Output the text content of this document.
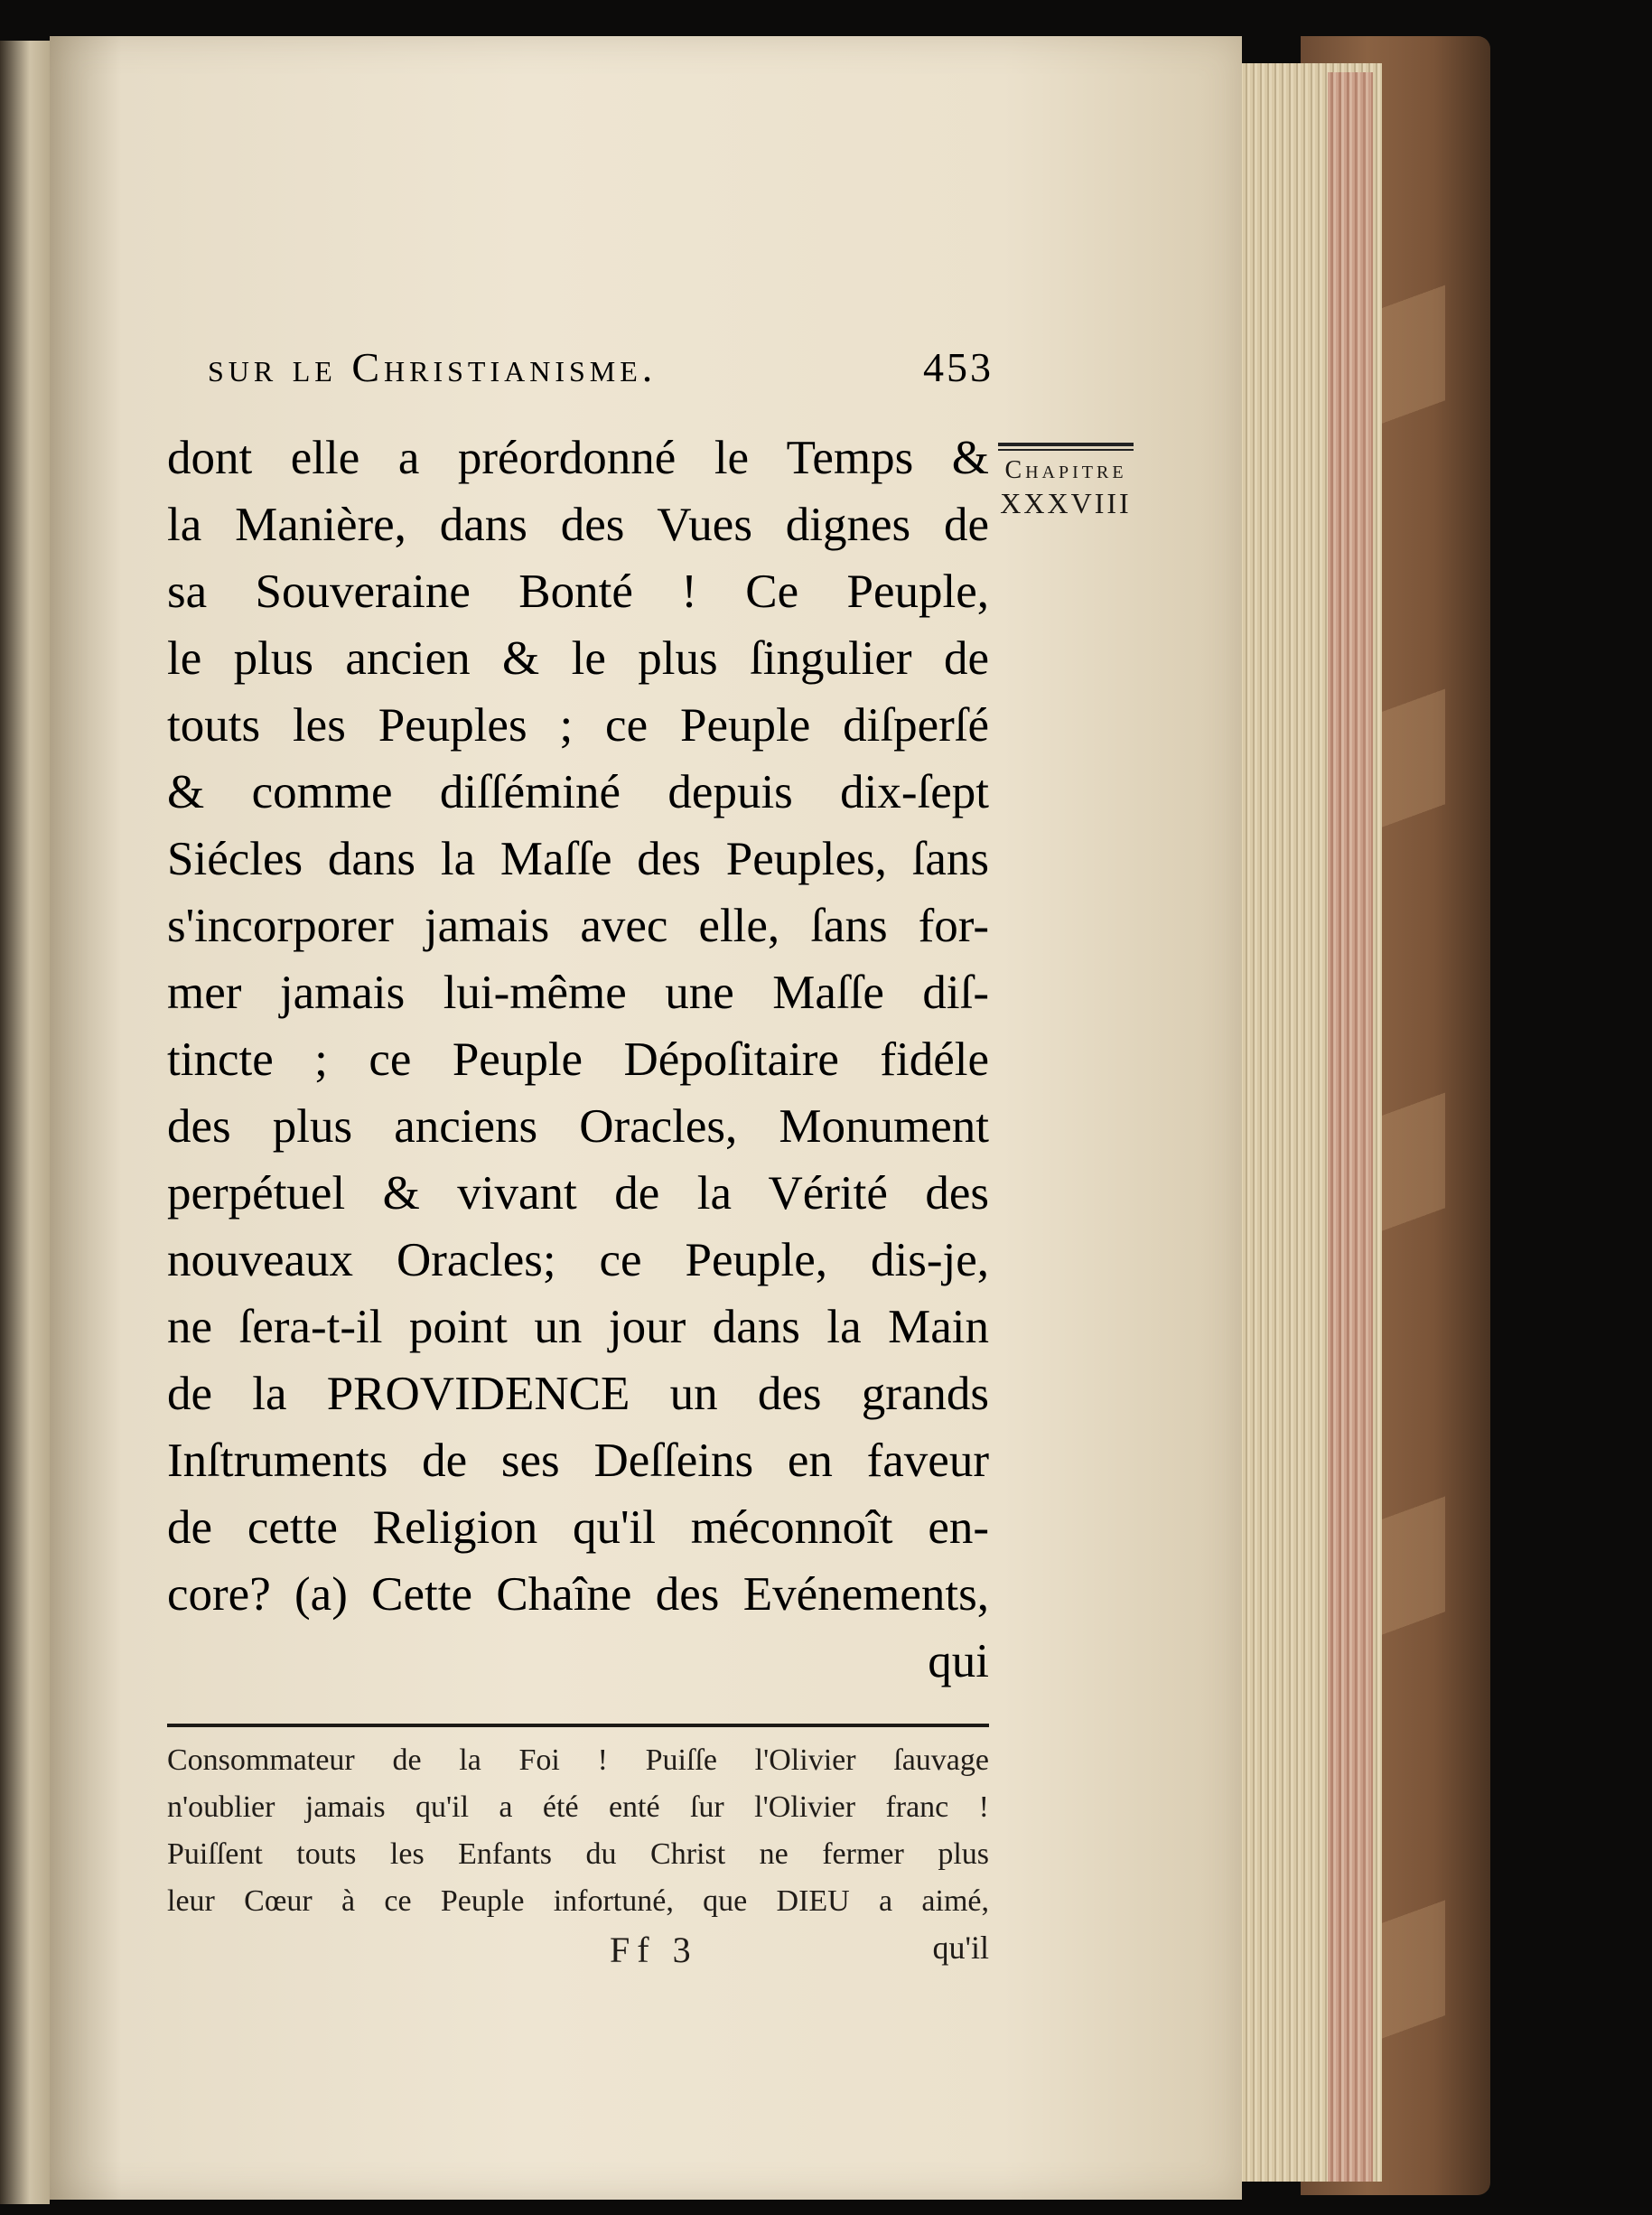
sur le Christianisme.	453
Chapitre
XXXVIII
dont elle a préordonné le Temps &
la Manière, dans des Vues dignes de
sa Souveraine Bonté ! Ce Peuple,
le plus ancien & le plus ſingulier de
touts les Peuples ; ce Peuple diſperſé
& comme diſſéminé depuis dix-ſept
Siécles dans la Maſſe des Peuples, ſans
s'incorporer jamais avec elle, ſans for-
mer jamais lui-même une Maſſe diſ-
tincte ; ce Peuple Dépoſitaire fidéle
des plus anciens Oracles, Monument
perpétuel & vivant de la Vérité des
nouveaux Oracles; ce Peuple, dis-je,
ne ſera-t-il point un jour dans la Main
de la PROVIDENCE un des grands
Inſtruments de ses Deſſeins en faveur
de cette Religion qu'il méconnoît en-
core? (a) Cette Chaîne des Evénements,
qui
Consommateur de la Foi ! Puiſſe l'Olivier ſauvage
n'oublier jamais qu'il a été enté ſur l'Olivier franc !
Puiſſent touts les Enfants du Christ ne fermer plus
leur Cœur à ce Peuple infortuné, que DIEU a aimé,
Ff 3	qu'il
